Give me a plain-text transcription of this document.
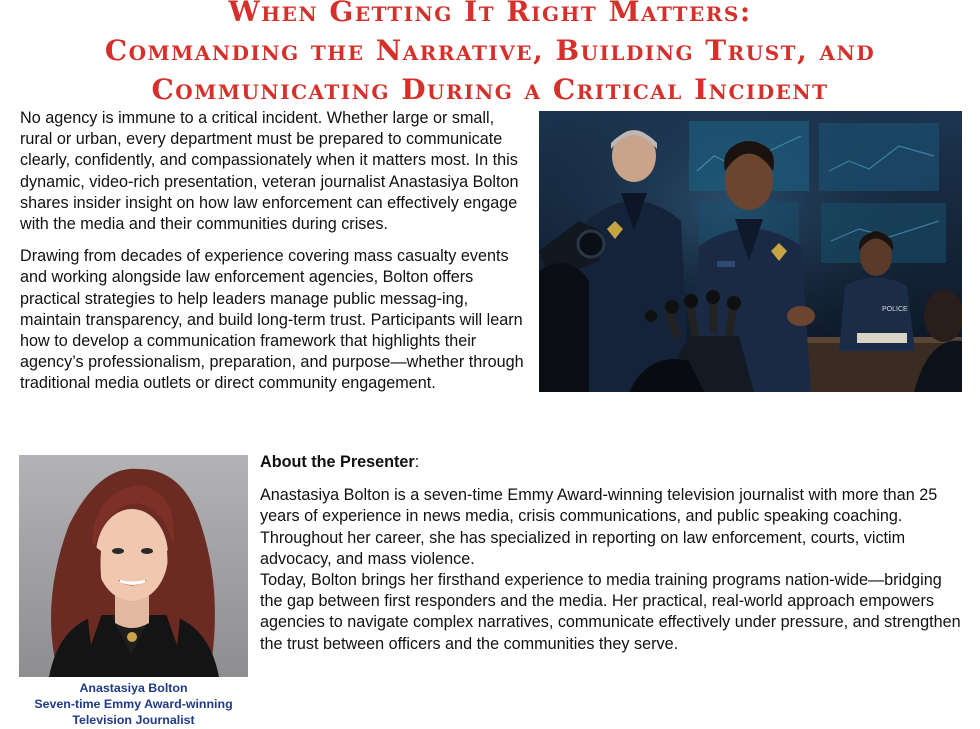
When Getting It Right Matters:
Commanding the Narrative, Building Trust, and
Communicating During a Critical Incident

No agency is immune to a critical incident. Whether large or small, rural or urban, every department must be prepared to communicate clearly, confidently, and compassionately when it matters most. In this dynamic, video-rich presentation, veteran journalist Anastasiya Bolton shares insider insight on how law enforcement can effectively engage with the media and their communities during crises.

Drawing from decades of experience covering mass casualty events and working alongside law enforcement agencies, Bolton offers practical strategies to help leaders manage public messag-ing, maintain transparency, and build long-term trust. Participants will learn how to develop a communication framework that highlights their agency’s professionalism, preparation, and purpose—whether through traditional media outlets or direct community engagement.

POLICE
Anastasiya Bolton
Seven-time Emmy Award-winning
Television Journalist
About the Presenter:

Anastasiya Bolton is a seven-time Emmy Award-winning television journalist with more than 25 years of experience in news media, crisis communications, and public speaking coaching. Throughout her career, she has specialized in reporting on law enforcement, courts, victim advocacy, and mass violence.

Today, Bolton brings her firsthand experience to media training programs nation-wide—bridging the gap between first responders and the media. Her practical, real-world approach empowers agencies to navigate complex narratives, communicate effectively under pressure, and strengthen the trust between officers and the communities they serve.
